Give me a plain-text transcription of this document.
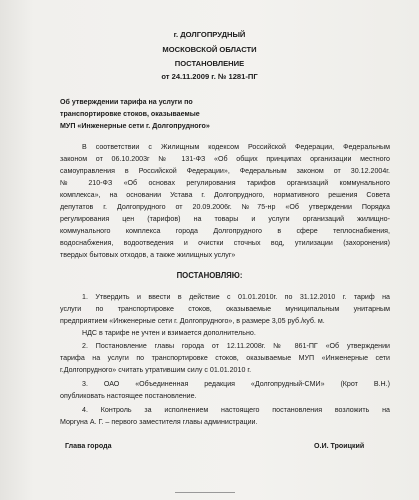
г. ДОЛГОПРУДНЫЙ
МОСКОВСКОЙ ОБЛАСТИ
ПОСТАНОВЛЕНИЕ
от 24.11.2009 г. № 1281-ПГ
Об утверждении тарифа на услуги по
транспортировке стоков, оказываемые
МУП «Инженерные сети г. Долгопрудного»
В соответствии с Жилищным кодексом Российской Федерации, Федеральным
законом от 06.10.2003г № 131-ФЗ «Об общих принципах организации местного
самоуправления в Российской Федерации», Федеральным законом от 30.12.2004г.
№ 210-ФЗ «Об основах регулирования тарифов организаций коммунального
комплекса», на основании Устава г. Долгопрудного, нормативного решения Совета
депутатов г. Долгопрудного от 20.09.2006г. №75-нр «Об утверждении Порядка
регулирования цен (тарифов) на товары и услуги организаций жилищно-
коммунального комплекса города Долгопрудного в сфере теплоснабжения,
водоснабжения, водоотведения и очистки сточных вод, утилизации (захоронения)
твердых бытовых отходов, а также жилищных услуг»
ПОСТАНОВЛЯЮ:
1. Утвердить и ввести в действие с 01.01.2010г. по 31.12.2010 г. тариф на
услуги по транспортировке стоков, оказываемые муниципальным унитарным
предприятием «Инженерные сети г. Долгопрудного», в размере 3,05 руб./куб. м.
НДС в тарифе не учтен и взимается дополнительно.
2. Постановление главы города от 12.11.2008г. № 861-ПГ «Об утверждении
тарифа на услуги по транспортировке стоков, оказываемые МУП «Инженерные сети
г.Долгопрудного» считать утратившим силу с 01.01.2010 г.
3. ОАО «Объединенная редакция «Долгопрудный-СМИ» (Крот В.Н.)
опубликовать настоящее постановление.
4. Контроль за исполнением настоящего постановления возложить на
Моргуна А. Г. – первого заместителя главы администрации.
Глава города	О.И. Троицкий
